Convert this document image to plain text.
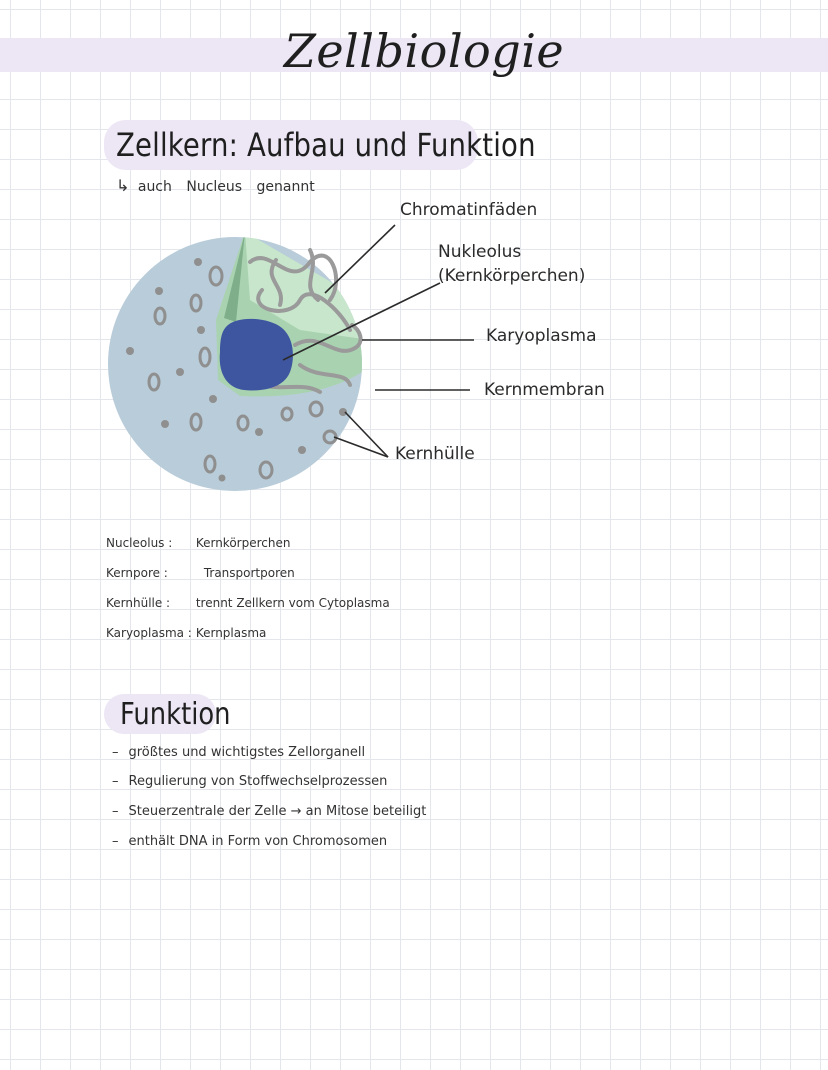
Zellbiologie
Zellkern: Aufbau und Funktion
↳ auch Nucleus genannt
Chromatinfäden
Nukleolus
(Kernkörperchen)
Karyoplasma
Kernmembran
Kernhülle
Nucleolus : Kernkörperchen
Kernpore :	Transportporen
Kernhülle : trennt Zellkern vom Cytoplasma
Karyoplasma : Kernplasma
Funktion
– größtes und wichtigstes Zellorganell
– Regulierung von Stoffwechselprozessen
– Steuerzentrale der Zelle → an Mitose beteiligt
– enthält DNA in Form von Chromosomen
